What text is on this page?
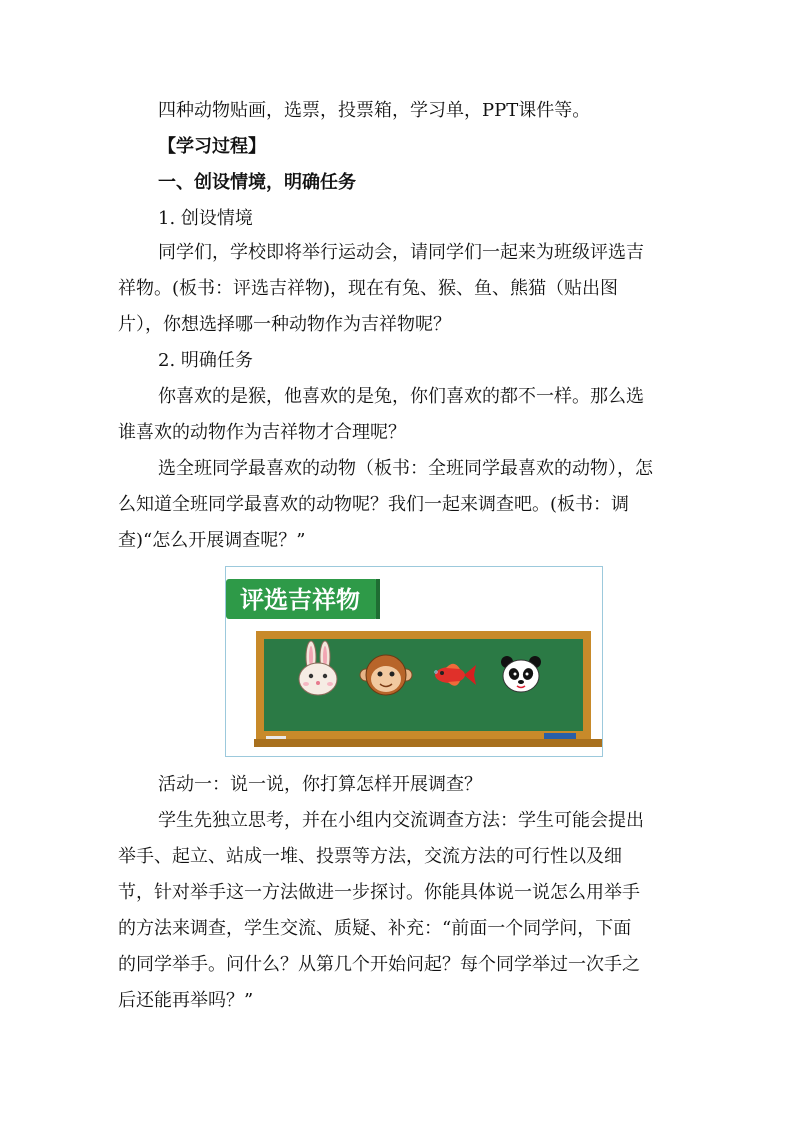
四种动物贴画，选票，投票箱，学习单，PPT课件等。
【学习过程】
一、创设情境，明确任务
1. 创设情境
同学们，学校即将举行运动会，请同学们一起来为班级评选吉
祥物。(板书：评选吉祥物)，现在有兔、猴、鱼、熊猫（贴出图
片），你想选择哪一种动物作为吉祥物呢？
2. 明确任务
你喜欢的是猴，他喜欢的是兔，你们喜欢的都不一样。那么选
谁喜欢的动物作为吉祥物才合理呢？
选全班同学最喜欢的动物（板书：全班同学最喜欢的动物），怎
么知道全班同学最喜欢的动物呢？我们一起来调查吧。(板书：调
查)“怎么开展调查呢？”
评选吉祥物
活动一：说一说，你打算怎样开展调查？
学生先独立思考，并在小组内交流调查方法：学生可能会提出
举手、起立、站成一堆、投票等方法，交流方法的可行性以及细
节，针对举手这一方法做进一步探讨。你能具体说一说怎么用举手
的方法来调查，学生交流、质疑、补充：“前面一个同学问，下面
的同学举手。问什么？从第几个开始问起？每个同学举过一次手之
后还能再举吗？”
